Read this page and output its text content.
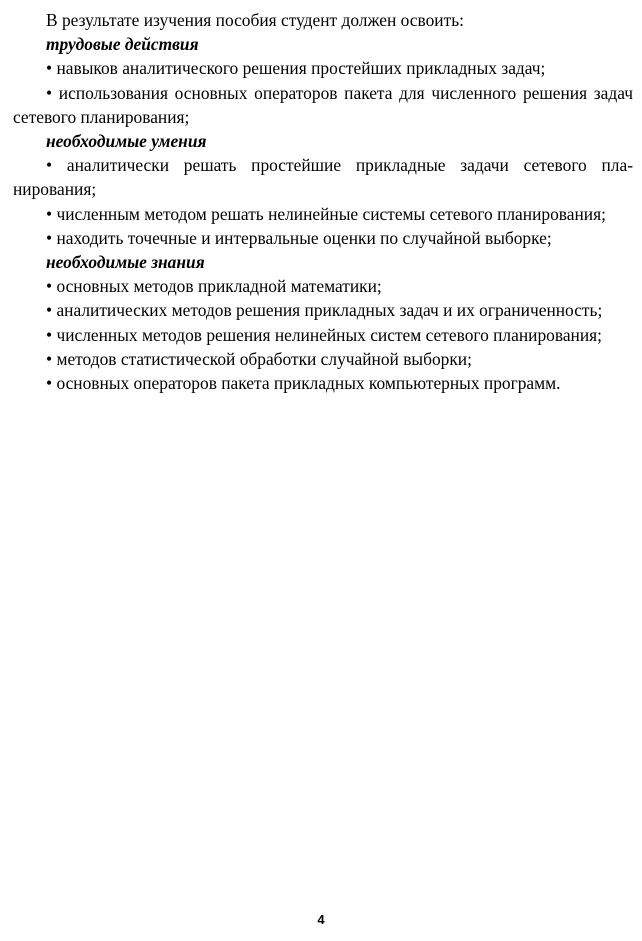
В результате изучения пособия студент должен освоить:

трудовые действия

• навыков аналитического решения простейших прикладных задач;

• использования основных операторов пакета для численного решения задач сетевого планирования;

необходимые умения

• аналитически решать простейшие прикладные задачи сетевого планирования;

• численным методом решать нелинейные системы сетевого планирования;

• находить точечные и интервальные оценки по случайной выборке;

необходимые знания

• основных методов прикладной математики;

• аналитических методов решения прикладных задач и их ограниченность;

• численных методов решения нелинейных систем сетевого планирования;

• методов статистической обработки случайной выборки;

• основных операторов пакета прикладных компьютерных программ.

4
